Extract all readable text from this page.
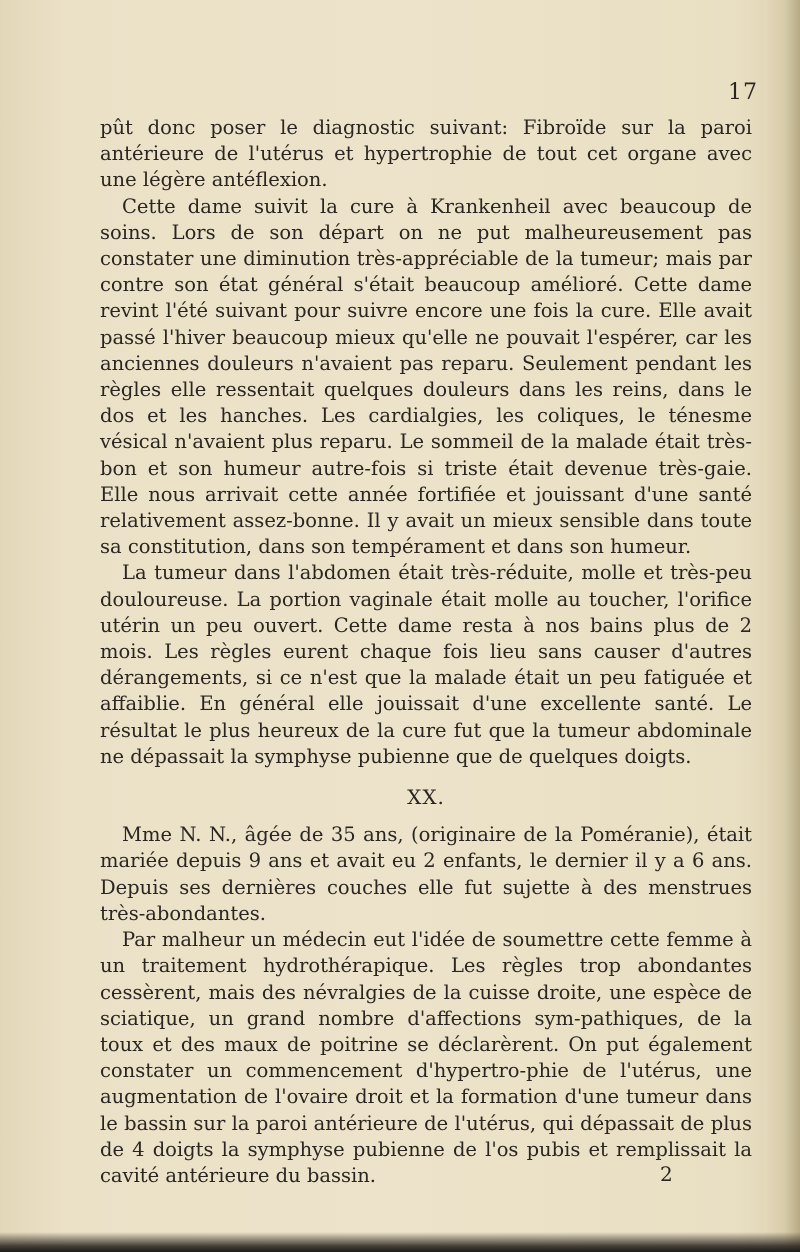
17

pût donc poser le diagnostic suivant: Fibroïde sur la paroi antérieure de l'utérus et hypertrophie de tout cet organe avec une légère antéflexion.

Cette dame suivit la cure à Krankenheil avec beaucoup de soins. Lors de son départ on ne put malheureusement pas constater une diminution très-appréciable de la tumeur; mais par contre son état général s'était beaucoup amélioré. Cette dame revint l'été suivant pour suivre encore une fois la cure. Elle avait passé l'hiver beaucoup mieux qu'elle ne pouvait l'espérer, car les anciennes douleurs n'avaient pas reparu. Seulement pendant les règles elle ressentait quelques douleurs dans les reins, dans le dos et les hanches. Les cardialgies, les coliques, le ténesme vésical n'avaient plus reparu. Le sommeil de la malade était très-bon et son humeur autre-fois si triste était devenue très-gaie. Elle nous arrivait cette année fortifiée et jouissant d'une santé relativement assez-bonne. Il y avait un mieux sensible dans toute sa constitution, dans son tempérament et dans son humeur.

La tumeur dans l'abdomen était très-réduite, molle et très-peu douloureuse. La portion vaginale était molle au toucher, l'orifice utérin un peu ouvert. Cette dame resta à nos bains plus de 2 mois. Les règles eurent chaque fois lieu sans causer d'autres dérangements, si ce n'est que la malade était un peu fatiguée et affaiblie. En général elle jouissait d'une excellente santé. Le résultat le plus heureux de la cure fut que la tumeur abdominale ne dépassait la symphyse pubienne que de quelques doigts.

XX.

Mme N. N., âgée de 35 ans, (originaire de la Poméranie), était mariée depuis 9 ans et avait eu 2 enfants, le dernier il y a 6 ans. Depuis ses dernières couches elle fut sujette à des menstrues très-abondantes.

Par malheur un médecin eut l'idée de soumettre cette femme à un traitement hydrothérapique. Les règles trop abondantes cessèrent, mais des névralgies de la cuisse droite, une espèce de sciatique, un grand nombre d'affections sym-pathiques, de la toux et des maux de poitrine se déclarèrent. On put également constater un commencement d'hypertro-phie de l'utérus, une augmentation de l'ovaire droit et la formation d'une tumeur dans le bassin sur la paroi antérieure de l'utérus, qui dépassait de plus de 4 doigts la symphyse pubienne de l'os pubis et remplissait la cavité antérieure du bassin.	2
